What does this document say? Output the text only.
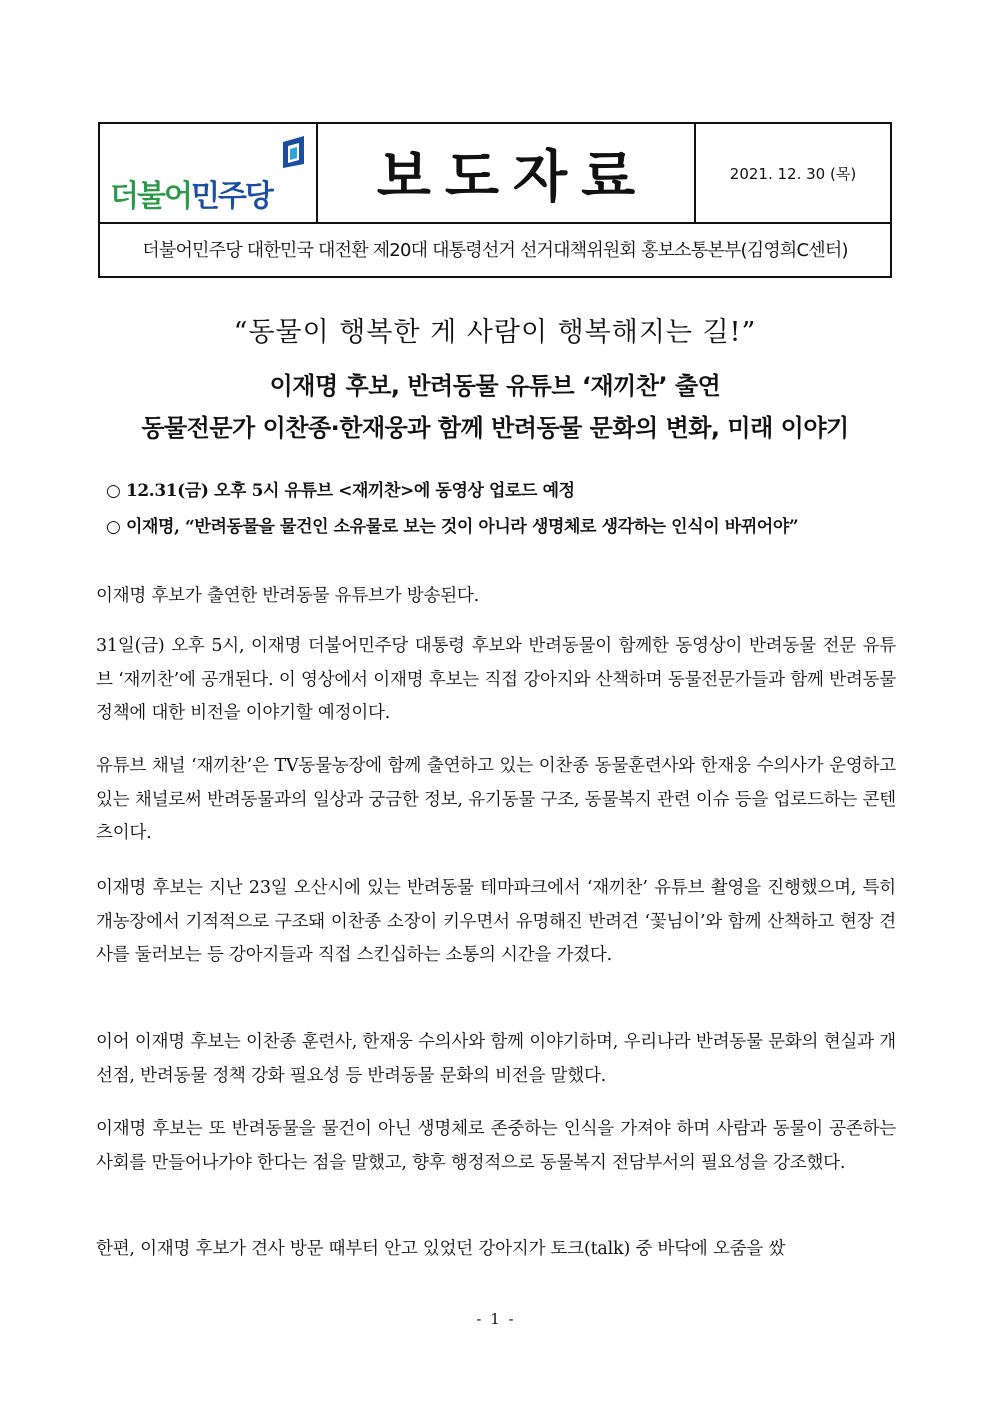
더불어민주당 보도자료	2021. 12. 30 (목)
더불어민주당 대한민국 대전환 제20대 대통령선거 선거대책위원회 홍보소통본부(김영희C센터)
“동물이 행복한 게 사람이 행복해지는 길!”
이재명 후보, 반려동물 유튜브 ‘재끼찬’ 출연
동물전문가 이찬종·한재웅과 함께 반려동물 문화의 변화, 미래 이야기
○ 12.31(금) 오후 5시 유튜브 <재끼찬>에 동영상 업로드 예정
○ 이재명, “반려동물을 물건인 소유물로 보는 것이 아니라 생명체로 생각하는 인식이 바뀌어야”

이재명 후보가 출연한 반려동물 유튜브가 방송된다.

31일(금) 오후 5시, 이재명 더불어민주당 대통령 후보와 반려동물이 함께한 동영상이 반려동물 전문 유튜브 ‘재끼찬’에 공개된다. 이 영상에서 이재명 후보는 직접 강아지와 산책하며 동물전문가들과 함께 반려동물 정책에 대한 비전을 이야기할 예정이다.

유튜브 채널 ‘재끼찬’은 TV동물농장에 함께 출연하고 있는 이찬종 동물훈련사와 한재웅 수의사가 운영하고 있는 채널로써 반려동물과의 일상과 궁금한 정보, 유기동물 구조, 동물복지 관련 이슈 등을 업로드하는 콘텐츠이다.

이재명 후보는 지난 23일 오산시에 있는 반려동물 테마파크에서 ‘재끼찬’ 유튜브 촬영을 진행했으며, 특히 개농장에서 기적적으로 구조돼 이찬종 소장이 키우면서 유명해진 반려견 ‘꽃님이’와 함께 산책하고 현장 견사를 둘러보는 등 강아지들과 직접 스킨십하는 소통의 시간을 가졌다.

이어 이재명 후보는 이찬종 훈련사, 한재웅 수의사와 함께 이야기하며, 우리나라 반려동물 문화의 현실과 개선점, 반려동물 정책 강화 필요성 등 반려동물 문화의 비전을 말했다.

이재명 후보는 또 반려동물을 물건이 아닌 생명체로 존중하는 인식을 가져야 하며 사람과 동물이 공존하는 사회를 만들어나가야 한다는 점을 말했고, 향후 행정적으로 동물복지 전담부서의 필요성을 강조했다.

한편, 이재명 후보가 견사 방문 때부터 안고 있었던 강아지가 토크(talk) 중 바닥에 오줌을 쌌

- 1 -
